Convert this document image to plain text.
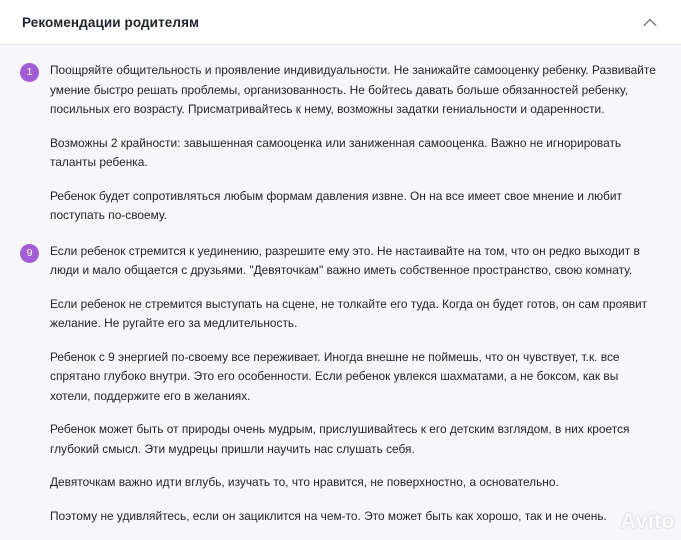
Рекомендации родителям
1	Поощряйте общительность и проявление индивидуальности. Не занижайте самооценку ребенку. Развивайте умение быстро решать проблемы, организованность. Не бойтесь давать больше обязанностей ребенку, посильных его возрасту. Присматривайтесь к нему, возможны задатки гениальности и одаренности.

Возможны 2 крайности: завышенная самооценка или заниженная самооценка. Важно не игнорировать таланты ребенка.

Ребенок будет сопротивляться любым формам давления извне. Он на все имеет свое мнение и любит поступать по-своему.

9	Если ребенок стремится к уединению, разрешите ему это. Не настаивайте на том, что он редко выходит в люди и мало общается с друзьями. "Девяточкам" важно иметь собственное пространство, свою комнату.

Если ребенок не стремится выступать на сцене, не толкайте его туда. Когда он будет готов, он сам проявит желание. Не ругайте его за медлительность.

Ребенок с 9 энергией по-своему все переживает. Иногда внешне не поймешь, что он чувствует, т.к. все спрятано глубоко внутри. Это его особенности. Если ребенок увлекся шахматами, а не боксом, как вы хотели, поддержите его в желаниях.

Ребенок может быть от природы очень мудрым, прислушивайтесь к его детским взглядом, в них кроется глубокий смысл. Эти мудрецы пришли научить нас слушать себя.

Девяточкам важно идти вглубь, изучать то, что нравится, не поверхностно, а основательно.

Поэтому не удивляйтесь, если он зациклится на чем-то. Это может быть как хорошо, так и не очень. Avito
